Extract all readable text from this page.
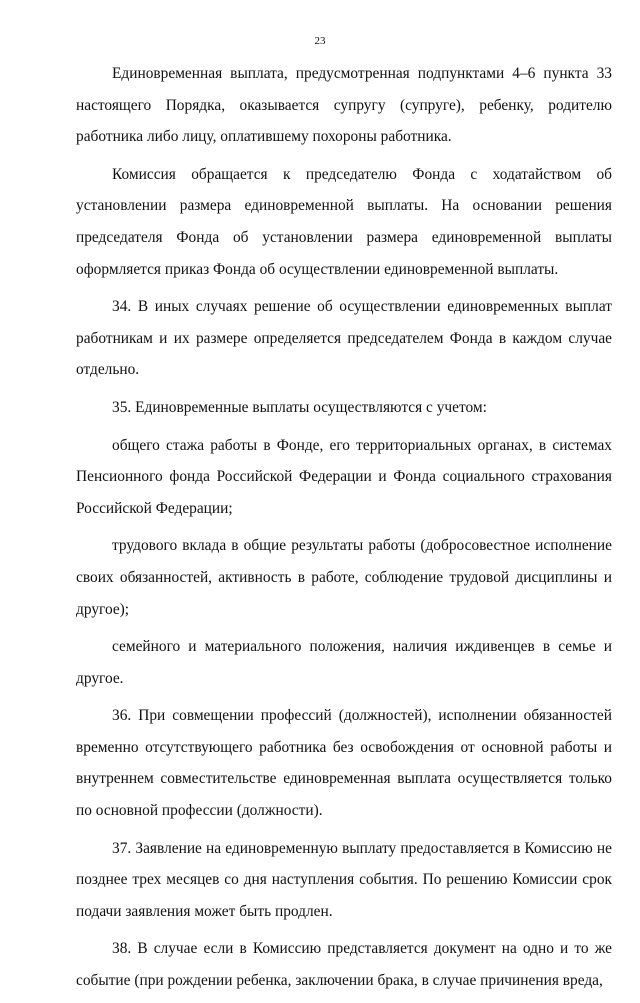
23

Единовременная выплата, предусмотренная подпунктами 4–6 пункта 33 настоящего Порядка, оказывается супругу (супруге), ребенку, родителю работника либо лицу, оплатившему похороны работника.

Комиссия обращается к председателю Фонда с ходатайством об установлении размера единовременной выплаты. На основании решения председателя Фонда об установлении размера единовременной выплаты оформляется приказ Фонда об осуществлении единовременной выплаты.

34. В иных случаях решение об осуществлении единовременных выплат работникам и их размере определяется председателем Фонда в каждом случае отдельно.

35. Единовременные выплаты осуществляются с учетом:

общего стажа работы в Фонде, его территориальных органах, в системах Пенсионного фонда Российской Федерации и Фонда социального страхования Российской Федерации;

трудового вклада в общие результаты работы (добросовестное исполнение своих обязанностей, активность в работе, соблюдение трудовой дисциплины и другое);

семейного и материального положения, наличия иждивенцев в семье и другое.

36. При совмещении профессий (должностей), исполнении обязанностей временно отсутствующего работника без освобождения от основной работы и внутреннем совместительстве единовременная выплата осуществляется только по основной профессии (должности).

37. Заявление на единовременную выплату предоставляется в Комиссию не позднее трех месяцев со дня наступления события. По решению Комиссии срок подачи заявления может быть продлен.

38. В случае если в Комиссию представляется документ на одно и то же событие (при рождении ребенка, заключении брака, в случае причинения вреда,
